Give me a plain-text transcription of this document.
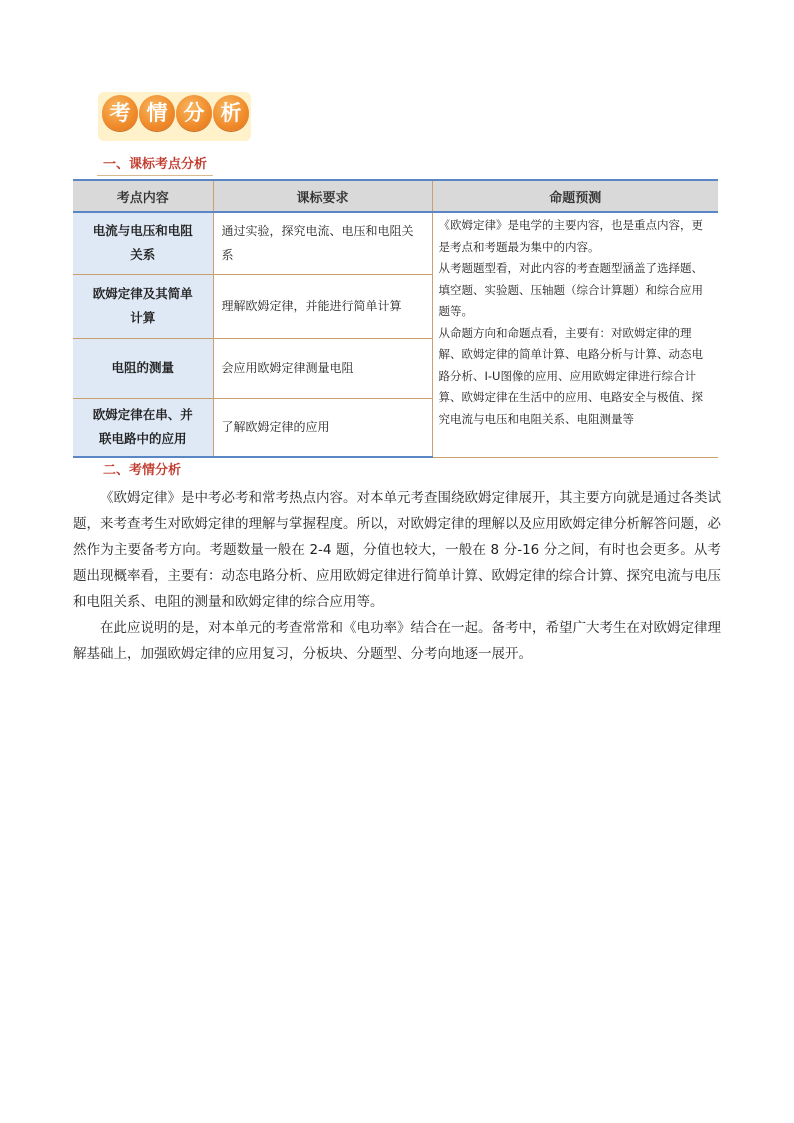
考 情 分 析
一、课标考点分析
考点内容	课标要求	命题预测
电流与电压和电阻关系	通过实验，探究电流、电压和电阻关系	《欧姆定律》是电学的主要内容，也是重点内容，更是考点和考题最为集中的内容。

从考题题型看，对此内容的考查题型涵盖了选择题、填空题、实验题、压轴题（综合计算题）和综合应用题等。

从命题方向和命题点看，主要有：对欧姆定律的理解、欧姆定律的简单计算、电路分析与计算、动态电路分析、I-U图像的应用、应用欧姆定律进行综合计算、欧姆定律在生活中的应用、电路安全与极值、探究电流与电压和电阻关系、电阻测量等

欧姆定律及其简单计算	理解欧姆定律，并能进行简单计算	
电阻的测量	会应用欧姆定律测量电阻	
欧姆定律在串、并联电路中的应用	了解欧姆定律的应用	
二、考情分析

《欧姆定律》是中考必考和常考热点内容。对本单元考查围绕欧姆定律展开，其主要方向就是通过各类试题，来考查考生对欧姆定律的理解与掌握程度。所以，对欧姆定律的理解以及应用欧姆定律分析解答问题，必然作为主要备考方向。考题数量一般在 2-4 题，分值也较大，一般在 8 分-16 分之间，有时也会更多。从考题出现概率看，主要有：动态电路分析、应用欧姆定律进行简单计算、欧姆定律的综合计算、探究电流与电压和电阻关系、电阻的测量和欧姆定律的综合应用等。

在此应说明的是，对本单元的考查常常和《电功率》结合在一起。备考中，希望广大考生在对欧姆定律理解基础上，加强欧姆定律的应用复习，分板块、分题型、分考向地逐一展开。
